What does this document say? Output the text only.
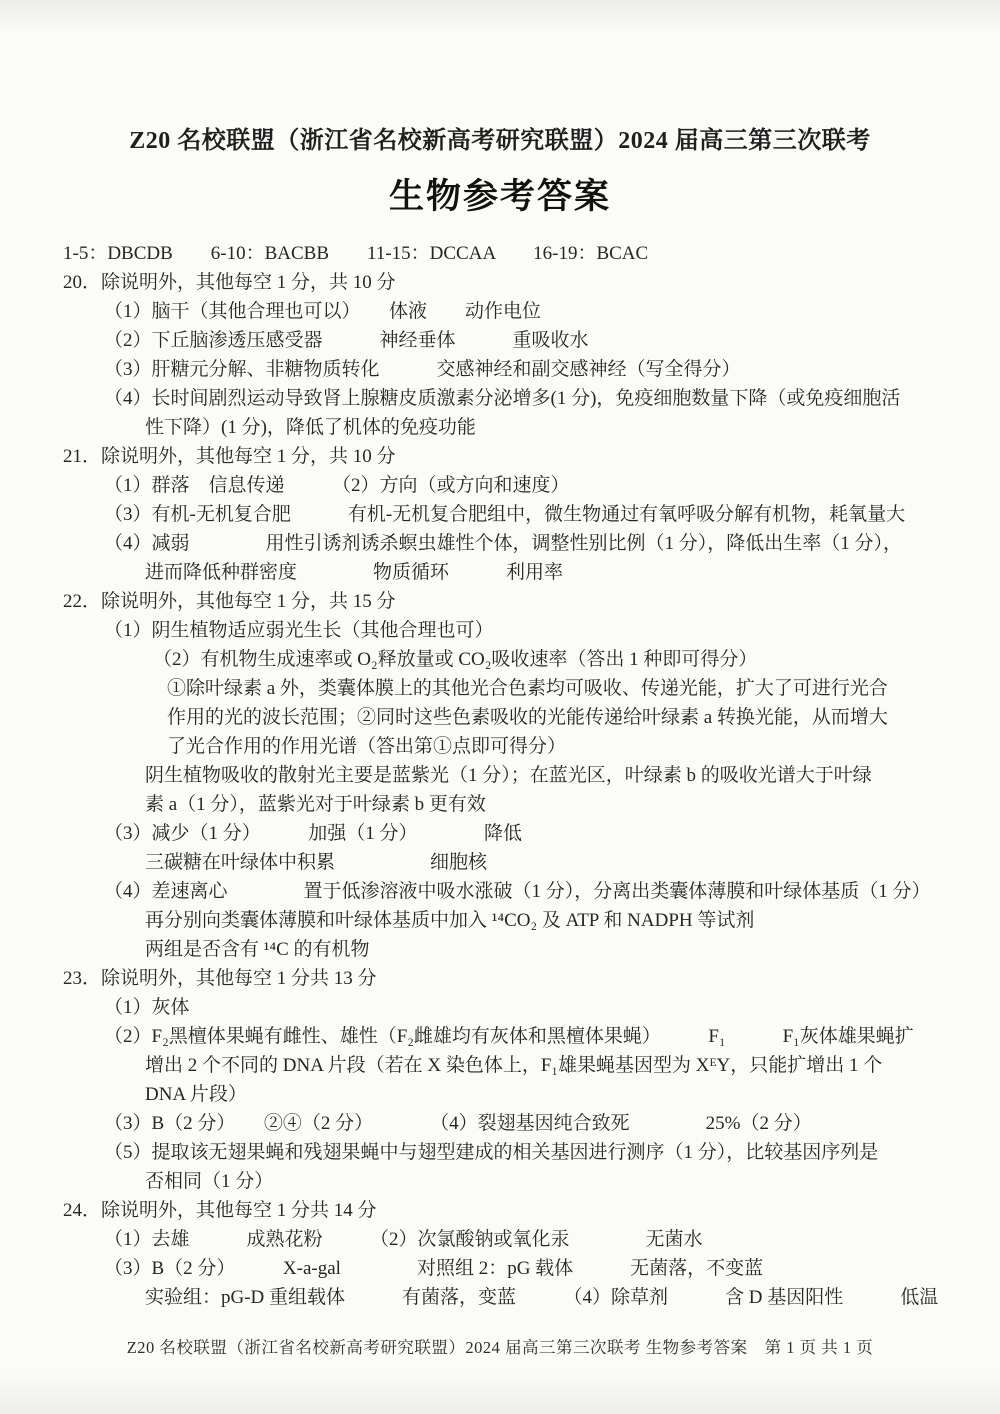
Z20 名校联盟（浙江省名校新高考研究联盟）2024 届高三第三次联考
生物参考答案
1-5：DBCDB　　6-10：BACBB　　11-15：DCCAA　　16-19：BCAC
20．除说明外，其他每空 1 分，共 10 分
（1）脑干（其他合理也可以）　　体液　　动作电位
（2）下丘脑渗透压感受器　　　神经垂体　　　重吸收水
（3）肝糖元分解、非糖物质转化　　　交感神经和副交感神经（写全得分）
（4）长时间剧烈运动导致肾上腺糖皮质激素分泌增多(1 分)，免疫细胞数量下降（或免疫细胞活
性下降）(1 分)，降低了机体的免疫功能
21．除说明外，其他每空 1 分，共 10 分
（1）群落　信息传递　　　（2）方向（或方向和速度）
（3）有机-无机复合肥　　　有机-无机复合肥组中，微生物通过有氧呼吸分解有机物，耗氧量大
（4）减弱　　　　用性引诱剂诱杀螟虫雄性个体，调整性别比例（1 分），降低出生率（1 分），
进而降低种群密度　　　　物质循环　　　利用率
22．除说明外，其他每空 1 分，共 15 分
（1）阴生植物适应弱光生长（其他合理也可）
（2）有机物生成速率或 O₂释放量或 CO₂吸收速率（答出 1 种即可得分）
①除叶绿素 a 外，类囊体膜上的其他光合色素均可吸收、传递光能，扩大了可进行光合
作用的光的波长范围；②同时这些色素吸收的光能传递给叶绿素 a 转换光能，从而增大
了光合作用的作用光谱（答出第①点即可得分）
阴生植物吸收的散射光主要是蓝紫光（1 分）；在蓝光区，叶绿素 b 的吸收光谱大于叶绿
素 a（1 分），蓝紫光对于叶绿素 b 更有效
（3）减少（1 分）　　　加强（1 分）　　　　降低
三碳糖在叶绿体中积累　　　　　细胞核
（4）差速离心　　　　置于低渗溶液中吸水涨破（1 分），分离出类囊体薄膜和叶绿体基质（1 分）
再分别向类囊体薄膜和叶绿体基质中加入 ¹⁴CO₂ 及 ATP 和 NADPH 等试剂
两组是否含有 ¹⁴C 的有机物
23．除说明外，其他每空 1 分共 13 分
（1）灰体
（2）F₂黑檀体果蝇有雌性、雄性（F₂雌雄均有灰体和黑檀体果蝇）　　　F₁　　　F₁灰体雄果蝇扩
增出 2 个不同的 DNA 片段（若在 X 染色体上，F₁雄果蝇基因型为 XᴱY，只能扩增出 1 个
DNA 片段）
（3）B（2 分）　　②④（2 分）　　　　（4）裂翅基因纯合致死　　　　25%（2 分）
（5）提取该无翅果蝇和残翅果蝇中与翅型建成的相关基因进行测序（1 分），比较基因序列是
否相同（1 分）
24．除说明外，其他每空 1 分共 14 分
（1）去雄　　　成熟花粉　　　（2）次氯酸钠或氧化汞　　　　无菌水
（3）B（2 分）　　　X-a-gal　　　　对照组 2：pG 载体　　　无菌落，不变蓝
实验组：pG-D 重组载体　　　有菌落，变蓝　　　（4）除草剂　　　含 D 基因阳性　　　低温
Z20 名校联盟（浙江省名校新高考研究联盟）2024 届高三第三次联考 生物参考答案　第 1 页 共 1 页
